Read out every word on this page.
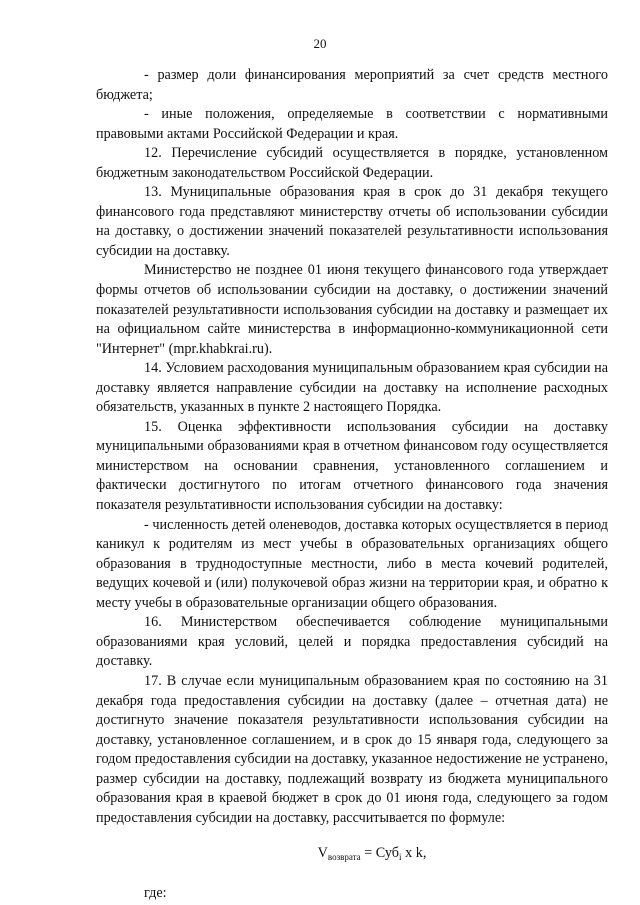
20

- размер доли финансирования мероприятий за счет средств местного бюджета;

- иные положения, определяемые в соответствии с нормативными правовыми актами Российской Федерации и края.

12. Перечисление субсидий осуществляется в порядке, установленном бюджетным законодательством Российской Федерации.

13. Муниципальные образования края в срок до 31 декабря текущего финансового года представляют министерству отчеты об использовании субсидии на доставку, о достижении значений показателей результативности использования субсидии на доставку.

Министерство не позднее 01 июня текущего финансового года утверждает формы отчетов об использовании субсидии на доставку, о достижении значений показателей результативности использования субсидии на доставку и размещает их на официальном сайте министерства в информационно-коммуникационной сети "Интернет" (mpr.khabkrai.ru).

14. Условием расходования муниципальным образованием края субсидии на доставку является направление субсидии на доставку на исполнение расходных обязательств, указанных в пункте 2 настоящего Порядка.

15. Оценка эффективности использования субсидии на доставку муниципальными образованиями края в отчетном финансовом году осуществляется министерством на основании сравнения, установленного соглашением и фактически достигнутого по итогам отчетного финансового года значения показателя результативности использования субсидии на доставку:

- численность детей оленеводов, доставка которых осуществляется в период каникул к родителям из мест учебы в образовательных организациях общего образования в труднодоступные местности, либо в места кочевий родителей, ведущих кочевой и (или) полукочевой образ жизни на территории края, и обратно к месту учебы в образовательные организации общего образования.

16. Министерством обеспечивается соблюдение муниципальными образованиями края условий, целей и порядка предоставления субсидий на доставку.

17. В случае если муниципальным образованием края по состоянию на 31 декабря года предоставления субсидии на доставку (далее – отчетная дата) не достигнуто значение показателя результативности использования субсидии на доставку, установленное соглашением, и в срок до 15 января года, следующего за годом предоставления субсидии на доставку, указанное недостижение не устранено, размер субсидии на доставку, подлежащий возврату из бюджета муниципального образования края в краевой бюджет в срок до 01 июня года, следующего за годом предоставления субсидии на доставку, рассчитывается по формуле:

$V_{возврата} = Суб_i$ x k,

где:
